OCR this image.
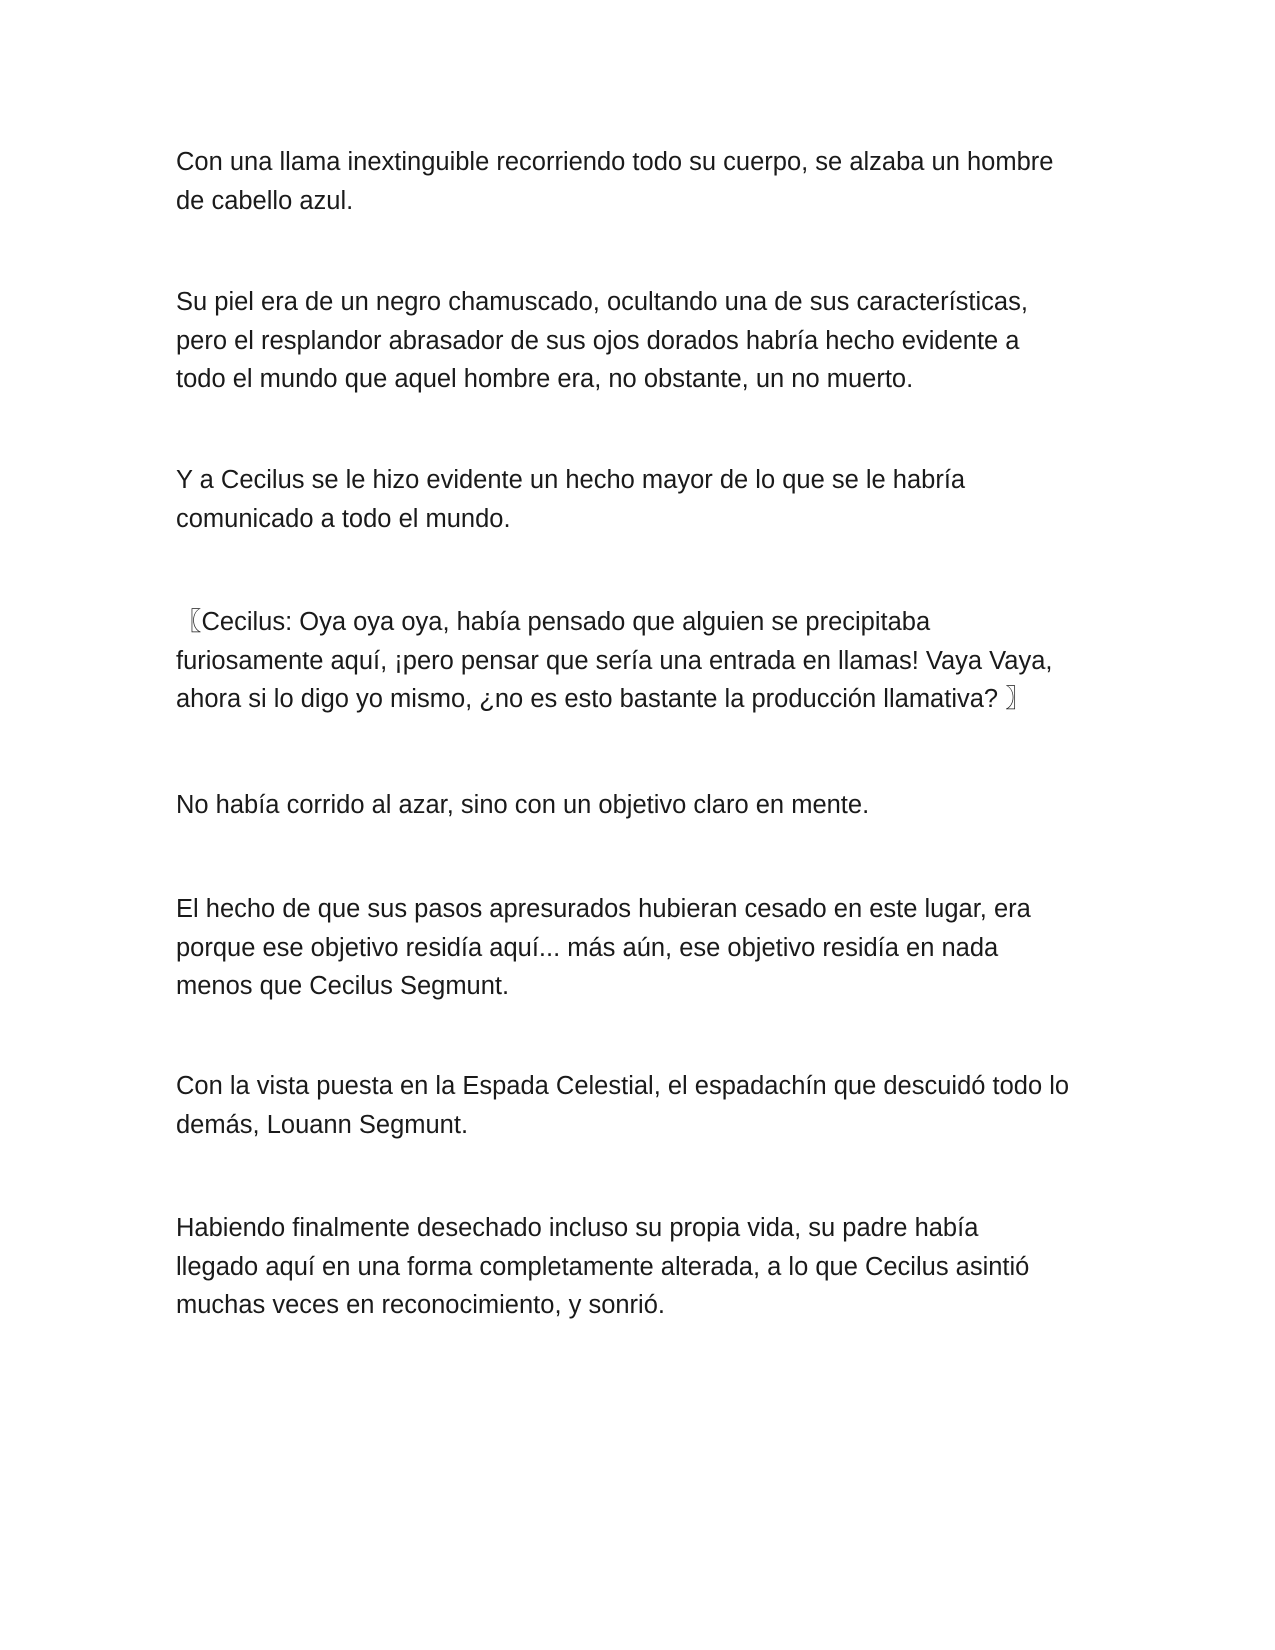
Con una llama inextinguible recorriendo todo su cuerpo, se alzaba un hombre
de cabello azul.

Su piel era de un negro chamuscado, ocultando una de sus características,
pero el resplandor abrasador de sus ojos dorados habría hecho evidente a
todo el mundo que aquel hombre era, no obstante, un no muerto.

Y a Cecilus se le hizo evidente un hecho mayor de lo que se le habría
comunicado a todo el mundo.

〖Cecilus: Oya oya oya, había pensado que alguien se precipitaba
furiosamente aquí, ¡pero pensar que sería una entrada en llamas! Vaya Vaya,
ahora si lo digo yo mismo, ¿no es esto bastante la producción llamativa? 〗

No había corrido al azar, sino con un objetivo claro en mente.

El hecho de que sus pasos apresurados hubieran cesado en este lugar, era
porque ese objetivo residía aquí... más aún, ese objetivo residía en nada
menos que Cecilus Segmunt.

Con la vista puesta en la Espada Celestial, el espadachín que descuidó todo lo
demás, Louann Segmunt.

Habiendo finalmente desechado incluso su propia vida, su padre había
llegado aquí en una forma completamente alterada, a lo que Cecilus asintió
muchas veces en reconocimiento, y sonrió.
